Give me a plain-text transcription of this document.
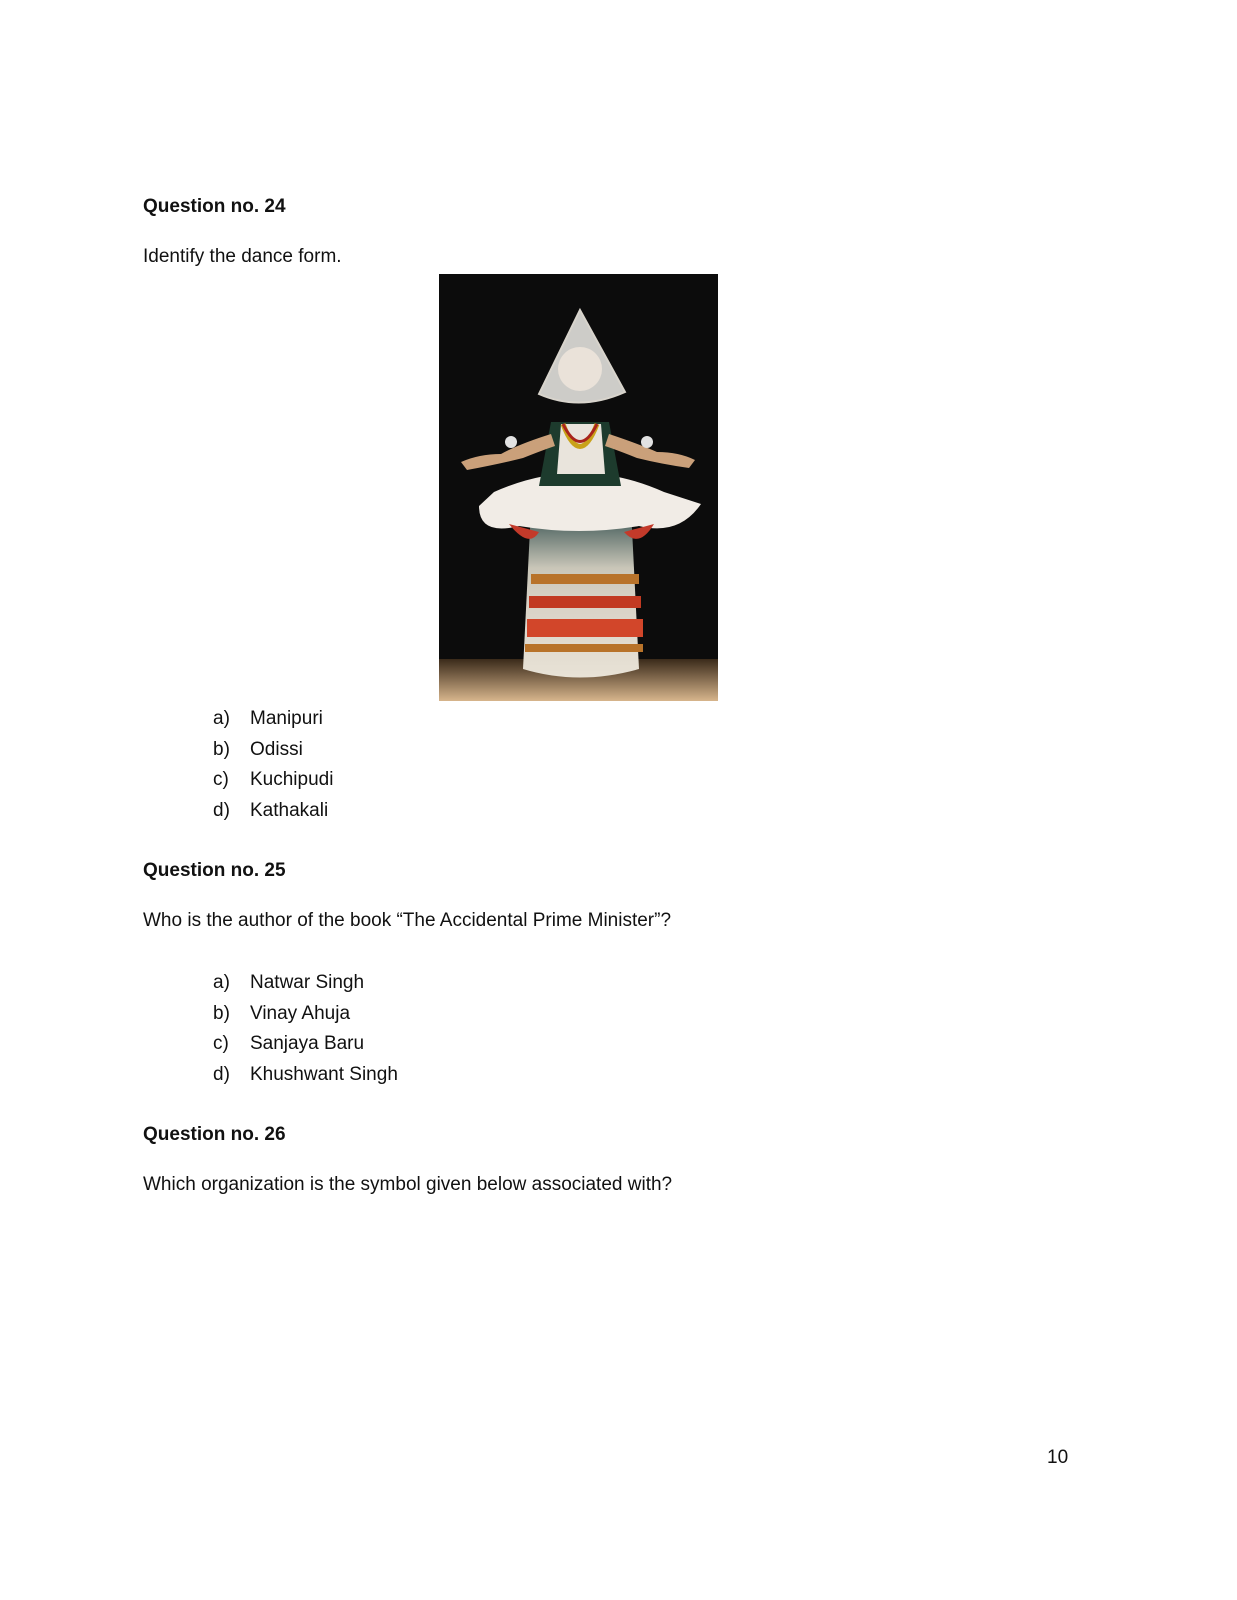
Question no. 24

Identify the dance form.

a)	Manipuri
b)	Odissi
c)	Kuchipudi
d)	Kathakali
Question no. 25

Who is the author of the book “The Accidental Prime Minister”?

a)	Natwar Singh
b)	Vinay Ahuja
c)	Sanjaya Baru
d)	Khushwant Singh
Question no. 26

Which organization is the symbol given below associated with?

10
